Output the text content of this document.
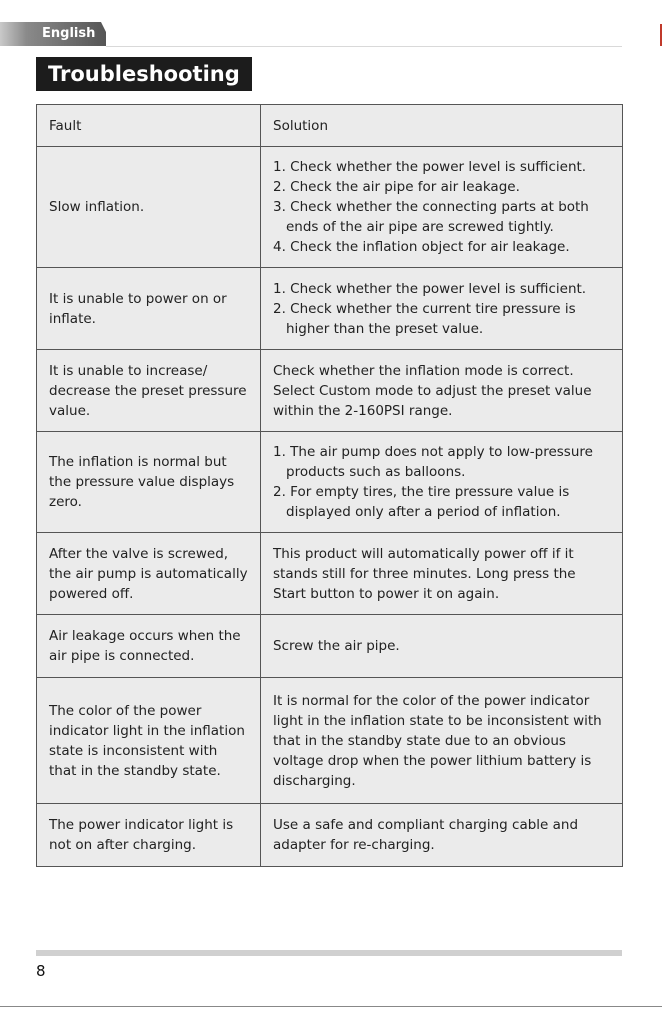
English
Troubleshooting
Fault	Solution
Slow inflation.	1. Check whether the power level is sufficient.
2. Check the air pipe for air leakage.
3. Check whether the connecting parts at both ends of the air pipe are screwed tightly.
4. Check the inflation object for air leakage.

It is unable to power on or inflate.	1. Check whether the power level is sufficient.
2. Check whether the current tire pressure is higher than the preset value.

It is unable to increase/ decrease the preset pressure value.	Check whether the inflation mode is correct. Select Custom mode to adjust the preset value within the 2-160PSI range.

The inflation is normal but the pressure value displays zero.	1. The air pump does not apply to low-pressure products such as balloons.
2. For empty tires, the tire pressure value is displayed only after a period of inflation.

After the valve is screwed, the air pump is automatically powered off.	This product will automatically power off if it stands still for three minutes. Long press the Start button to power it on again.

Air leakage occurs when the air pipe is connected.	Screw the air pipe.

The color of the power indicator light in the inflation state is inconsistent with that in the standby state.	It is normal for the color of the power indicator light in the inflation state to be inconsistent with that in the standby state due to an obvious voltage drop when the power lithium battery is discharging.

The power indicator light is not on after charging.	Use a safe and compliant charging cable and adapter for re-charging.
8
